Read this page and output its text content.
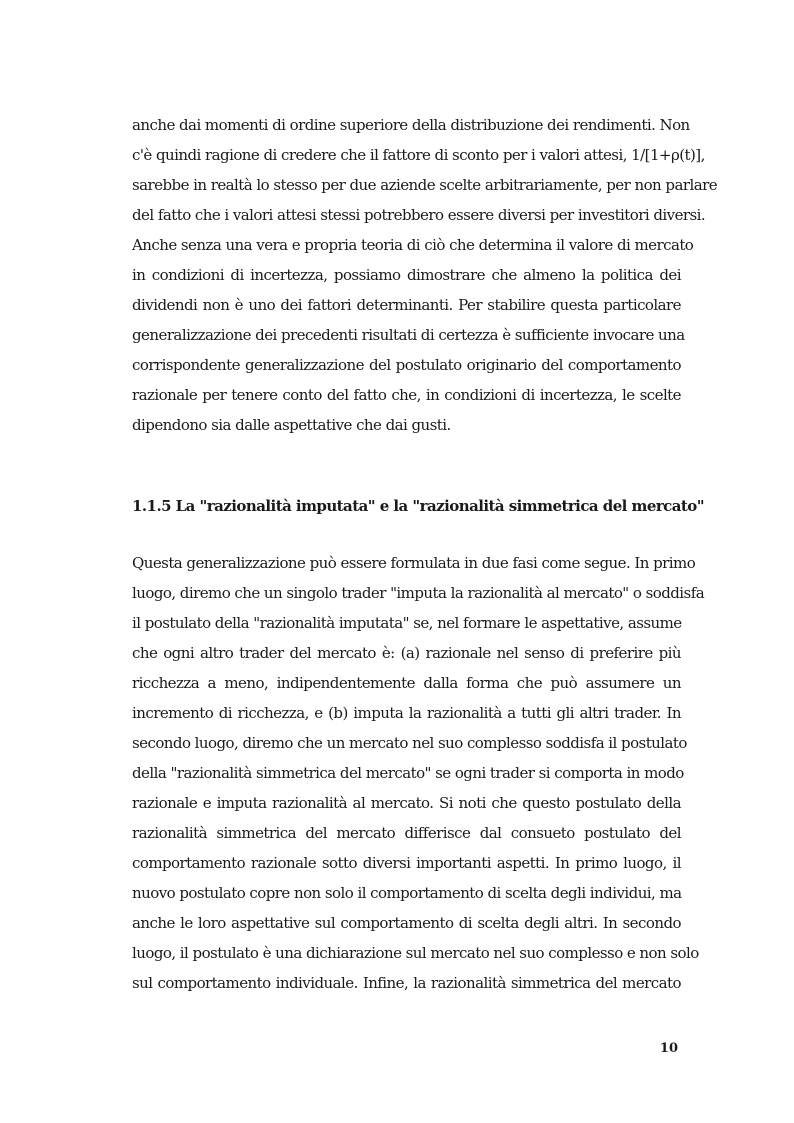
anche dai momenti di ordine superiore della distribuzione dei rendimenti. Non
c'è quindi ragione di credere che il fattore di sconto per i valori attesi, 1/[1+ρ(t)],
sarebbe in realtà lo stesso per due aziende scelte arbitrariamente, per non parlare
del fatto che i valori attesi stessi potrebbero essere diversi per investitori diversi.
Anche senza una vera e propria teoria di ciò che determina il valore di mercato
in condizioni di incertezza, possiamo dimostrare che almeno la politica dei
dividendi non è uno dei fattori determinanti. Per stabilire questa particolare
generalizzazione dei precedenti risultati di certezza è sufficiente invocare una
corrispondente generalizzazione del postulato originario del comportamento
razionale per tenere conto del fatto che, in condizioni di incertezza, le scelte
dipendono sia dalle aspettative che dai gusti.
1.1.5 La "razionalità imputata" e la "razionalità simmetrica del mercato"
Questa generalizzazione può essere formulata in due fasi come segue. In primo
luogo, diremo che un singolo trader "imputa la razionalità al mercato" o soddisfa
il postulato della "razionalità imputata" se, nel formare le aspettative, assume
che ogni altro trader del mercato è: (a) razionale nel senso di preferire più
ricchezza a meno, indipendentemente dalla forma che può assumere un
incremento di ricchezza, e (b) imputa la razionalità a tutti gli altri trader. In
secondo luogo, diremo che un mercato nel suo complesso soddisfa il postulato
della "razionalità simmetrica del mercato" se ogni trader si comporta in modo
razionale e imputa razionalità al mercato. Si noti che questo postulato della
razionalità simmetrica del mercato differisce dal consueto postulato del
comportamento razionale sotto diversi importanti aspetti. In primo luogo, il
nuovo postulato copre non solo il comportamento di scelta degli individui, ma
anche le loro aspettative sul comportamento di scelta degli altri. In secondo
luogo, il postulato è una dichiarazione sul mercato nel suo complesso e non solo
sul comportamento individuale. Infine, la razionalità simmetrica del mercato

10
